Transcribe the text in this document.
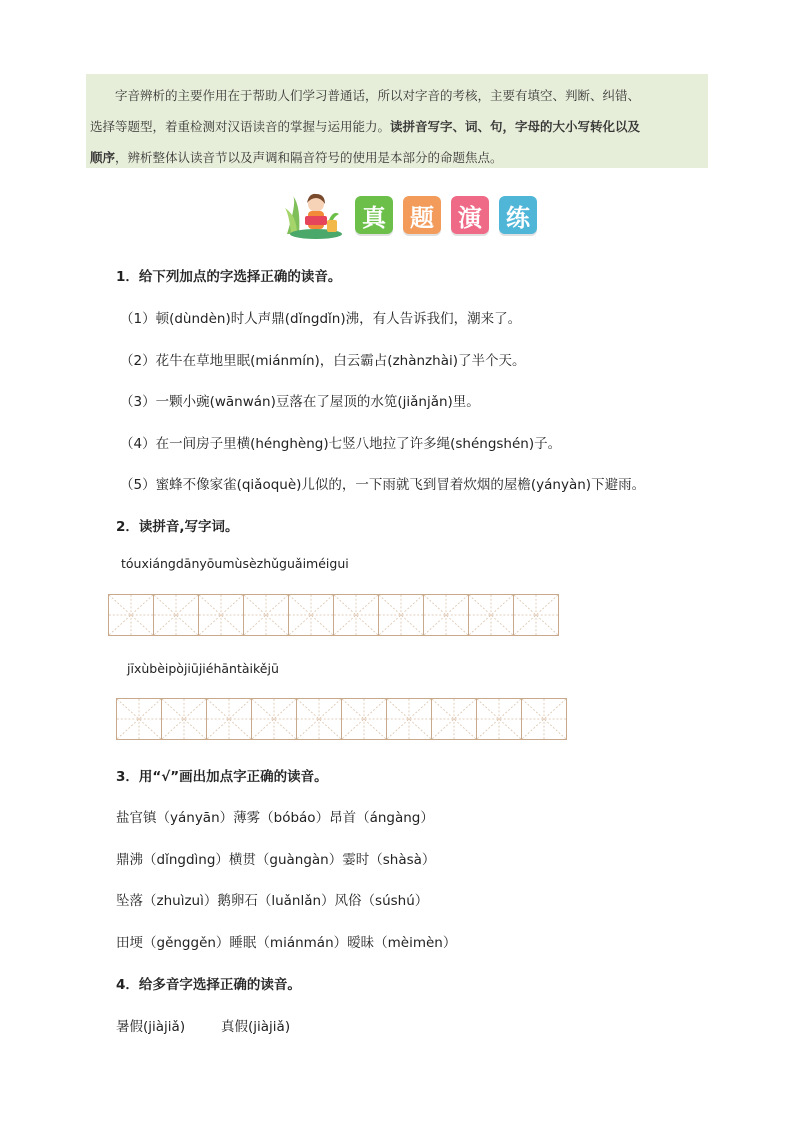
字音辨析的主要作用在于帮助人们学习普通话，所以对字音的考核，主要有填空、判断、纠错、

选择等题型，着重检测对汉语读音的掌握与运用能力。读拼音写字、词、句，字母的大小写转化以及
顺序，辨析整体认读音节以及声调和隔音符号的使用是本部分的命题焦点。
真 题 演 练
1．给下列加点的字选择正确的读音。
（1）顿(dùndèn)时人声鼎(dǐngdǐn)沸，有人告诉我们，潮来了。
（2）花牛在草地里眠(miánmín)，白云霸占(zhànzhài)了半个天。
（3）一颗小豌(wānwán)豆落在了屋顶的水笕(jiǎnjǎn)里。
（4）在一间房子里横(hénghèng)七竖八地拉了许多绳(shéngshén)子。
（5）蜜蜂不像家雀(qiǎoquè)儿似的，一下雨就飞到冒着炊烟的屋檐(yányàn)下避雨。
2．读拼音,写字词。
tóuxiángdānyōumùsèzhǔguǎiméigui
jīxùbèipòjiūjiéhāntàikějū
3．用“√”画出加点字正确的读音。
盐官镇（yányān）薄雾（bóbáo）昂首（ángàng）
鼎沸（dǐngdìng）横贯（guàngàn）霎时（shàsà）
坠落（zhuìzuì）鹅卵石（luǎnlǎn）风俗（súshú）
田埂（gěnggěn）睡眠（miánmán）暧昧（mèimèn）
4．给多音字选择正确的读音。
暑假(jiàjiǎ)	真假(jiàjiǎ)
